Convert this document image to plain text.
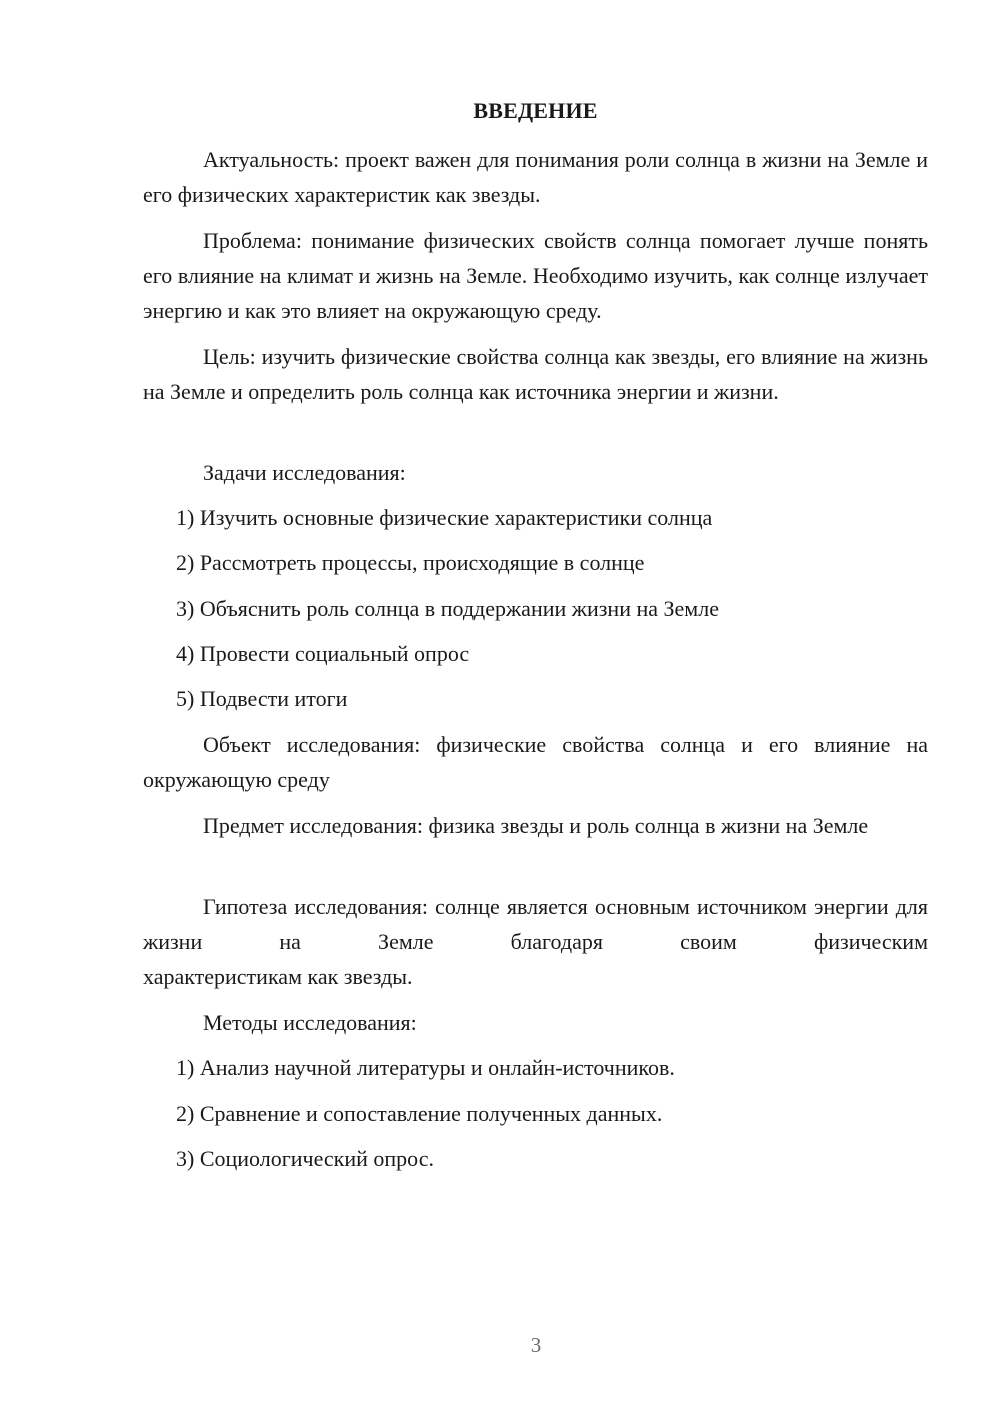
ВВЕДЕНИЕ

Актуальность: проект важен для понимания роли солнца в жизни на Земле и его физических характеристик как звезды.

Проблема: понимание физических свойств солнца помогает лучше понять его влияние на климат и жизнь на Земле. Необходимо изучить, как солнце излучает энергию и как это влияет на окружающую среду.

Цель: изучить физические свойства солнца как звезды, его влияние на жизнь на Земле и определить роль солнца как источника энергии и жизни.

Задачи исследования:

1) Изучить основные физические характеристики солнца

2) Рассмотреть процессы, происходящие в солнце

3) Объяснить роль солнца в поддержании жизни на Земле

4) Провести социальный опрос

5) Подвести итоги

Объект исследования: физические свойства солнца и его влияние на окружающую среду

Предмет исследования: физика звезды и роль солнца в жизни на Земле

Гипотеза исследования: солнце является основным источником энергии для жизни на Земле благодаря своим физическим

характеристикам как звезды.

Методы исследования:

1) Анализ научной литературы и онлайн-источников.

2) Сравнение и сопоставление полученных данных.

3) Социологический опрос.

3
